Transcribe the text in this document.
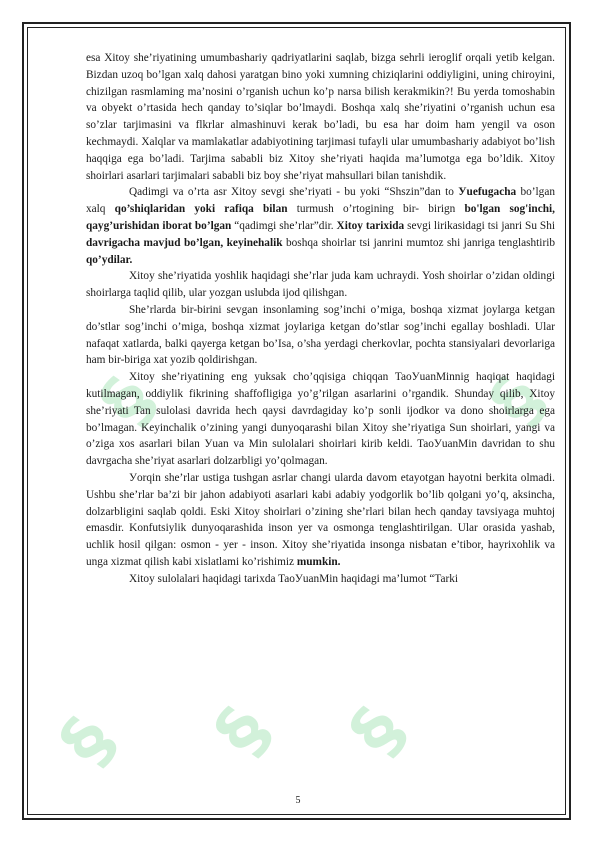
§ § §
§
§

esa Xitoy she’riyatining umumbashariy qadriyatlarini saqlab, bizga sehrli ieroglif orqali yetib kelgan. Bizdan uzoq bo’lgan xalq dahosi yaratgan bino yoki xumning chiziqlarini oddiyligini, uning chiroyini, chizilgan rasmlaming ma’nosini o’rganish uchun ko’p narsa bilish kerakmikin?! Bu yerda tomoshabin va obyekt o’rtasida hech qanday to’siqlar bo’lmaydi. Boshqa xalq she’riyatini o’rganish uchun esa so’zlar tarjimasini va flkrlar almashinuvi kerak bo’ladi, bu esa har doim ham yengil va oson kechmaydi. Xalqlar va mamlakatlar adabiyotining tarjimasi tufayli ular umumbashariy adabiyot bo’lish haqqiga ega bo’ladi. Tarjima sababli biz Xitoy she’riyati haqida ma’lumotga ega bo’ldik. Xitoy shoirlari asarlari tarjimalari sababli biz boy she’riyat mahsullari bilan tanishdik.

Qadimgi va o’rta asr Xitoy sevgi she’riyati - bu yoki “Shszin”dan to Уuefugacha bo’lgan xalq qo’shiqlaridan yoki rafiqa bilan turmush o’rtogining bir- birign bo'lgan sog'inchi, qayg’urishidan iborat bo’lgan “qadimgi she’rlar”dir. Xitoy tarixida sevgi lirikasidagi tsi janri Su Shi davrigacha mavjud bo’lgan, keyinehalik boshqa shoirlar tsi janrini mumtoz shi janriga tenglashtirib qo’ydilar.

Xitoy she’riyatida yoshlik haqidagi she’rlar juda kam uchraydi. Yosh shoirlar o’zidan oldingi shoirlarga taqlid qilib, ular yozgan uslubda ijod qilishgan.

She’rlarda bir-birini sevgan insonlaming sog’inchi o’miga, boshqa xizmat joylarga ketgan do’stlar sog’inchi o’miga, boshqa xizmat joylariga ketgan do’stlar sog’inchi egallay boshladi. Ular nafaqat xatlarda, balki qayerga ketgan bo’Isa, o’sha yerdagi cherkovlar, pochta stansiyalari devorlariga ham bir-biriga xat yozib qoldirishgan.

Xitoy she’riyatining eng yuksak cho’qqisiga chiqqan TaoУuanMinnig haqiqat haqidagi kutilmagan, oddiylik fikrining shaffofligiga yo’g’rilgan asarlarini o’rgandik. Shunday qilib, Xitoy she’riyati Tan sulolasi davrida hech qaysi davrdagiday ko’p sonli ijodkor va dono shoirlarga ega bo’lmagan. Keyinchalik o’zining yangi dunyoqarashi bilan Xitoy she’riyatiga Sun shoirlari, yangi va o’ziga xos asarlari bilan Уuan va Min sulolalari shoirlari kirib keldi. TaoУuanMin davridan to shu davrgacha she’riyat asarlari dolzarbligi yo’qolmagan.

Уorqin she’rlar ustiga tushgan asrlar changi ularda davom etayotgan hayotni berkita olmadi. Ushbu she’rlar ba’zi bir jahon adabiyoti asarlari kabi adabiy yodgorlik bo’lib qolgani yo’q, aksincha, dolzarbligini saqlab qoldi. Eski Xitoy shoirlari o’zining she’rlari bilan hech qanday tavsiyaga muhtoj emasdir. Konfutsiylik dunyoqarashida inson yer va osmonga tenglashtirilgan. Ular orasida yashab, uchlik hosil qilgan: osmon - yer - inson. Xitoy she’riyatida insonga nisbatan e’tibor, hayrixohlik va unga xizmat qilish kabi xislatlami ko’rishimiz mumkin.

Xitoy sulolalari haqidagi tarixda TaoУuanMin haqidagi ma’lumot “Tarki

5
